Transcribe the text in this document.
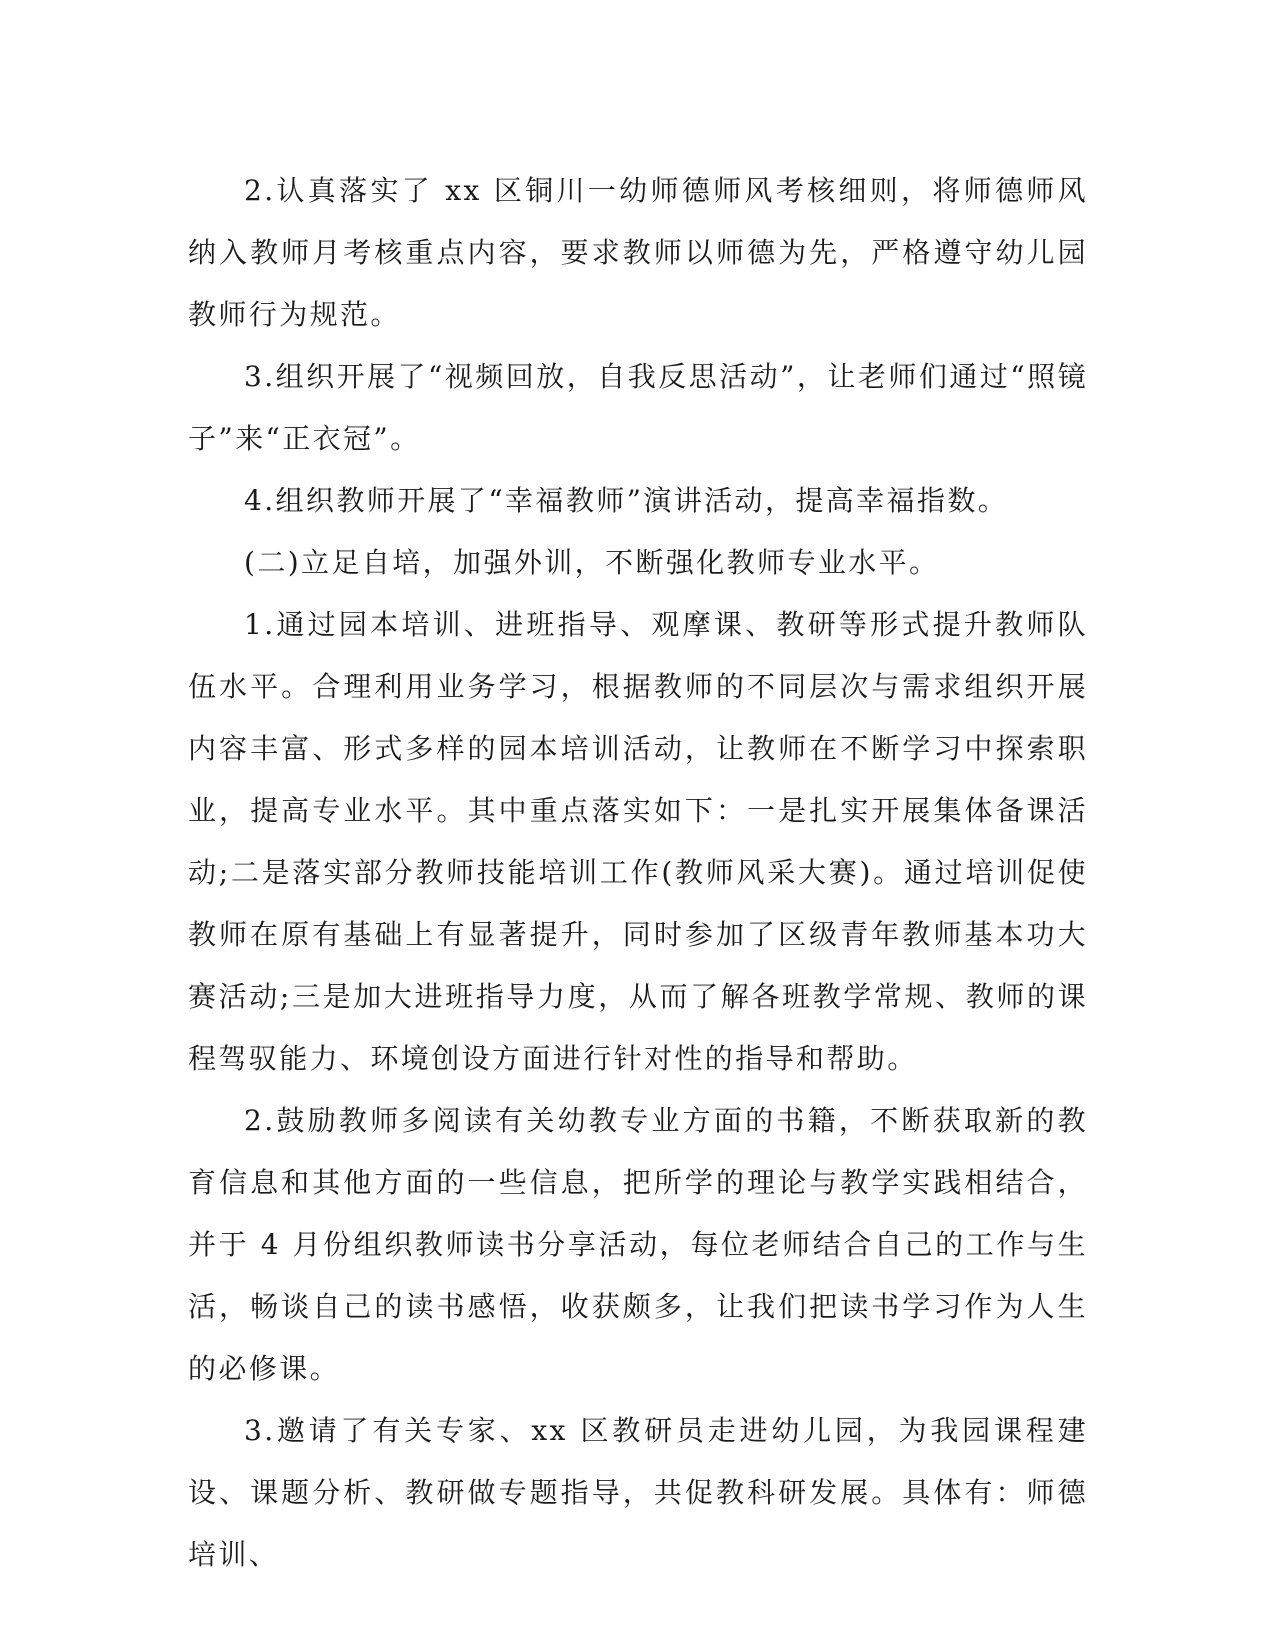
2.认真落实了 xx 区铜川一幼师德师风考核细则，将师德师风纳入教师月考核重点内容，要求教师以师德为先，严格遵守幼儿园教师行为规范。

3.组织开展了“视频回放，自我反思活动”，让老师们通过“照镜子”来“正衣冠”。

4.组织教师开展了“幸福教师”演讲活动，提高幸福指数。

(二)立足自培，加强外训，不断强化教师专业水平。

1.通过园本培训、进班指导、观摩课、教研等形式提升教师队伍水平。合理利用业务学习，根据教师的不同层次与需求组织开展内容丰富、形式多样的园本培训活动，让教师在不断学习中探索职业，提高专业水平。其中重点落实如下：一是扎实开展集体备课活动;二是落实部分教师技能培训工作(教师风采大赛)。通过培训促使教师在原有基础上有显著提升，同时参加了区级青年教师基本功大赛活动;三是加大进班指导力度，从而了解各班教学常规、教师的课程驾驭能力、环境创设方面进行针对性的指导和帮助。

2.鼓励教师多阅读有关幼教专业方面的书籍，不断获取新的教育信息和其他方面的一些信息，把所学的理论与教学实践相结合，并于 4 月份组织教师读书分享活动，每位老师结合自己的工作与生活，畅谈自己的读书感悟，收获颇多，让我们把读书学习作为人生的必修课。

3.邀请了有关专家、xx 区教研员走进幼儿园，为我园课程建设、课题分析、教研做专题指导，共促教科研发展。具体有：师德培训、
